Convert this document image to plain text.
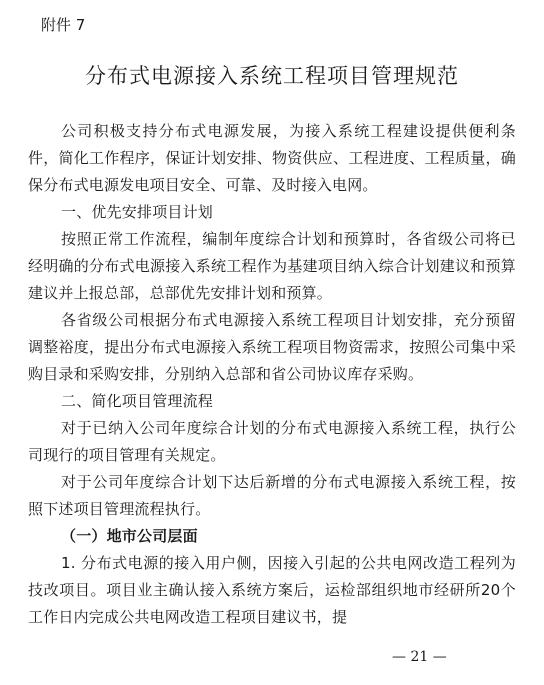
附件 7
分布式电源接入系统工程项目管理规范

公司积极支持分布式电源发展，为接入系统工程建设提供便利条件，简化工作程序，保证计划安排、物资供应、工程进度、工程质量，确保分布式电源发电项目安全、可靠、及时接入电网。

一、优先安排项目计划

按照正常工作流程，编制年度综合计划和预算时，各省级公司将已经明确的分布式电源接入系统工程作为基建项目纳入综合计划建议和预算建议并上报总部，总部优先安排计划和预算。

各省级公司根据分布式电源接入系统工程项目计划安排，充分预留调整裕度，提出分布式电源接入系统工程项目物资需求，按照公司集中采购目录和采购安排，分别纳入总部和省公司协议库存采购。

二、简化项目管理流程

对于已纳入公司年度综合计划的分布式电源接入系统工程，执行公司现行的项目管理有关规定。

对于公司年度综合计划下达后新增的分布式电源接入系统工程，按照下述项目管理流程执行。

（一）地市公司层面

1. 分布式电源的接入用户侧，因接入引起的公共电网改造工程列为技改项目。项目业主确认接入系统方案后，运检部组织地市经研所20个工作日内完成公共电网改造工程项目建议书，提

— 21 —
